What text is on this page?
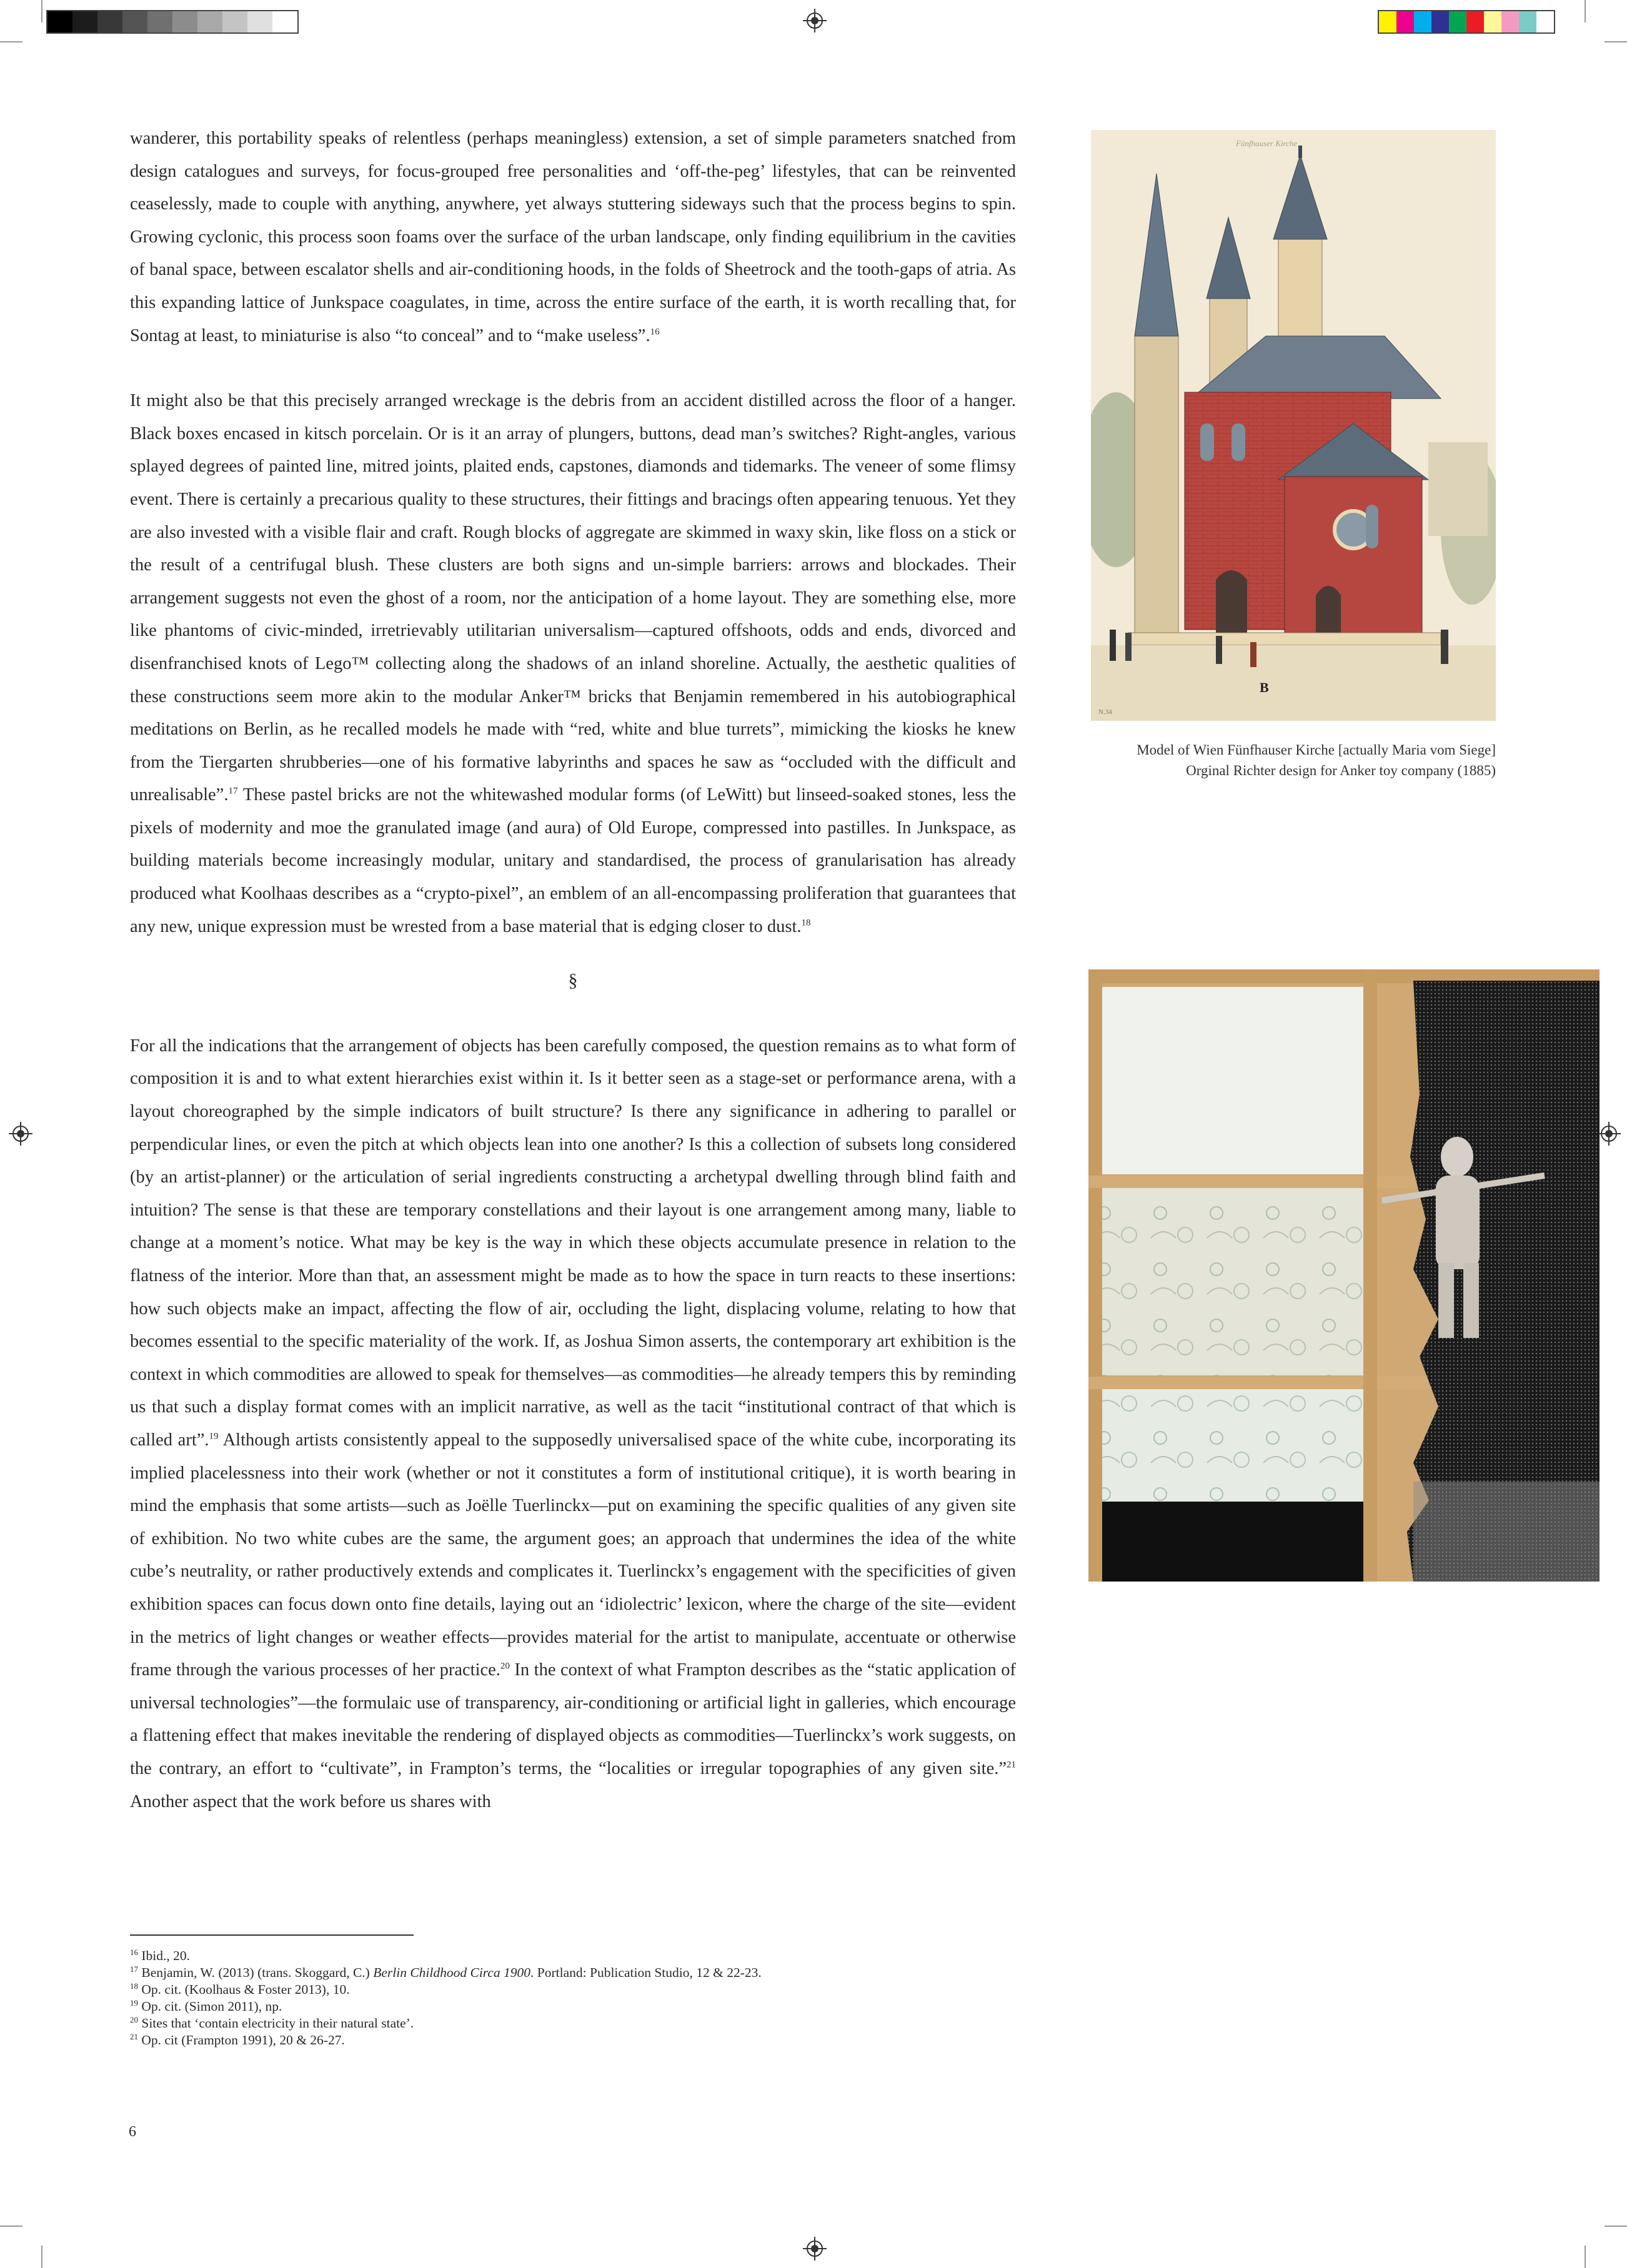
wanderer, this portability speaks of relentless (perhaps meaningless) extension, a set of simple parameters snatched from design catalogues and surveys, for focus-grouped free personalities and ‘off-the-peg’ lifestyles, that can be reinvented ceaselessly, made to couple with anything, anywhere, yet always stuttering sideways such that the process begins to spin. Growing cyclonic, this process soon foams over the surface of the urban landscape, only finding equilibrium in the cavities of banal space, between escalator shells and air-conditioning hoods, in the folds of Sheetrock and the tooth-gaps of atria. As this expanding lattice of Junkspace coagulates, in time, across the entire surface of the earth, it is worth recalling that, for Sontag at least, to miniaturise is also “to conceal” and to “make useless”.$^{16}$

It might also be that this precisely arranged wreckage is the debris from an accident distilled across the floor of a hanger. Black boxes encased in kitsch porcelain. Or is it an array of plungers, buttons, dead man’s switches? Right-angles, various splayed degrees of painted line, mitred joints, plaited ends, capstones, diamonds and tidemarks. The veneer of some flimsy event. There is certainly a precarious quality to these structures, their fittings and bracings often appearing tenuous. Yet they are also invested with a visible flair and craft. Rough blocks of aggregate are skimmed in waxy skin, like floss on a stick or the result of a centrifugal blush. These clusters are both signs and un-simple barriers: arrows and blockades. Their arrangement suggests not even the ghost of a room, nor the anticipation of a home layout. They are something else, more like phantoms of civic-minded, irretrievably utilitarian universalism—captured offshoots, odds and ends, divorced and disenfranchised knots of Lego™ collecting along the shadows of an inland shoreline. Actually, the aesthetic qualities of these constructions seem more akin to the modular Anker™ bricks that Benjamin remembered in his autobiographical meditations on Berlin, as he recalled models he made with “red, white and blue turrets”, mimicking the kiosks he knew from the Tiergarten shrubberies—one of his formative labyrinths and spaces he saw as “occluded with the difficult and unrealisable”.$^{17}$ These pastel bricks are not the whitewashed modular forms (of LeWitt) but linseed-soaked stones, less the pixels of modernity and moe the granulated image (and aura) of Old Europe, compressed into pastilles. In Junkspace, as building materials become increasingly modular, unitary and standardised, the process of granularisation has already produced what Koolhaas describes as a “crypto-pixel”, an emblem of an all-encompassing proliferation that guarantees that any new, unique expression must be wrested from a base material that is edging closer to dust.$^{18}$

§

For all the indications that the arrangement of objects has been carefully composed, the question remains as to what form of composition it is and to what extent hierarchies exist within it. Is it better seen as a stage-set or performance arena, with a layout choreographed by the simple indicators of built structure? Is there any significance in adhering to parallel or perpendicular lines, or even the pitch at which objects lean into one another? Is this a collection of subsets long considered (by an artist-planner) or the articulation of serial ingredients constructing a archetypal dwelling through blind faith and intuition? The sense is that these are temporary constellations and their layout is one arrangement among many, liable to change at a moment’s notice. What may be key is the way in which these objects accumulate presence in relation to the flatness of the interior. More than that, an assessment might be made as to how the space in turn reacts to these insertions: how such objects make an impact, affecting the flow of air, occluding the light, displacing volume, relating to how that becomes essential to the specific materiality of the work. If, as Joshua Simon asserts, the contemporary art exhibition is the context in which commodities are allowed to speak for themselves—as commodities—he already tempers this by reminding us that such a display format comes with an implicit narrative, as well as the tacit “institutional contract of that which is called art”.$^{19}$ Although artists consistently appeal to the supposedly universalised space of the white cube, incorporating its implied placelessness into their work (whether or not it constitutes a form of institutional critique), it is worth bearing in mind the emphasis that some artists—such as Joëlle Tuerlinckx—put on examining the specific qualities of any given site of exhibition. No two white cubes are the same, the argument goes; an approach that undermines the idea of the white cube’s neutrality, or rather productively extends and complicates it. Tuerlinckx’s engagement with the specificities of given exhibition spaces can focus down onto fine details, laying out an ‘idiolectric’ lexicon, where the charge of the site—evident in the metrics of light changes or weather effects—provides material for the artist to manipulate, accentuate or otherwise frame through the various processes of her practice.$^{20}$ In the context of what Frampton describes as the “static application of universal technologies”—the formulaic use of transparency, air-conditioning or artificial light in galleries, which encourage a flattening effect that makes inevitable the rendering of displayed objects as commodities—Tuerlinckx’s work suggests, on the contrary, an effort to “cultivate”, in Frampton’s terms, the “localities or irregular topographies of any given site.”$^{21}$ Another aspect that the work before us shares with

Fünfhauser Kirche
B
N.34
Model of Wien Fünfhauser Kirche [actually Maria vom Siege]
Orginal Richter design for Anker toy company (1885)
$^{16}$ Ibid., 20.
$^{17}$ Benjamin, W. (2013) (trans. Skoggard, C.) Berlin Childhood Circa 1900. Portland: Publication Studio, 12 & 22-23.
$^{18}$ Op. cit. (Koolhaus & Foster 2013), 10.
$^{19}$ Op. cit. (Simon 2011), np.
$^{20}$ Sites that ‘contain electricity in their natural state’.
$^{21}$ Op. cit (Frampton 1991), 20 & 26-27.
6
